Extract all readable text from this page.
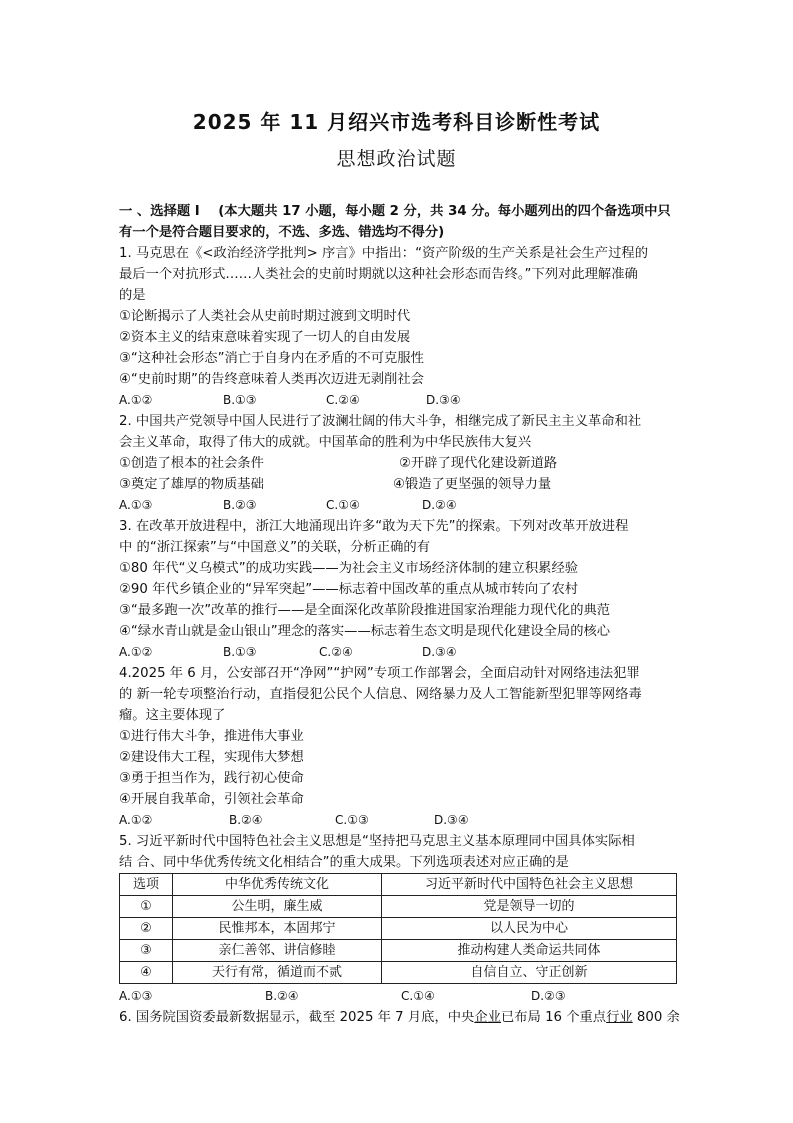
2025 年 11 月绍兴市选考科目诊断性考试
思想政治试题
一 、选择题 I (本大题共 17 小题，每小题 2 分，共 34 分。每小题列出的四个备选项中只
有一个是符合题目要求的，不选、多选、错选均不得分)
1. 马克思在《<政治经济学批判> 序言》中指出：“资产阶级的生产关系是社会生产过程的
最后一个对抗形式……人类社会的史前时期就以这种社会形态而告终。”下列对此理解准确
的是
①论断揭示了人类社会从史前时期过渡到文明时代
②资本主义的结束意味着实现了一切人的自由发展
③“这种社会形态”消亡于自身内在矛盾的不可克服性
④“史前时期”的告终意味着人类再次迈进无剥削社会
A.①②	B.①③	C.②④	D.③④
2. 中国共产党领导中国人民进行了波澜壮阔的伟大斗争，相继完成了新民主主义革命和社
会主义革命，取得了伟大的成就。中国革命的胜利为中华民族伟大复兴
①创造了根本的社会条件	②开辟了现代化建设新道路
③奠定了雄厚的物质基础	④锻造了更坚强的领导力量
A.①③	B.②③	C.①④	D.②④
3. 在改革开放进程中，浙江大地涌现出许多“敢为天下先”的探索。下列对改革开放进程
中 的“浙江探索”与“中国意义”的关联，分析正确的有
①80 年代“义乌模式”的成功实践——为社会主义市场经济体制的建立积累经验
②90 年代乡镇企业的“异军突起”——标志着中国改革的重点从城市转向了农村
③“最多跑一次”改革的推行——是全面深化改革阶段推进国家治理能力现代化的典范
④“绿水青山就是金山银山”理念的落实——标志着生态文明是现代化建设全局的核心
A.①②	B.①③	C.②④	D.③④
4.2025 年 6 月，公安部召开“净网”“护网”专项工作部署会，全面启动针对网络违法犯罪
的 新一轮专项整治行动，直指侵犯公民个人信息、网络暴力及人工智能新型犯罪等网络毒
瘤。这主要体现了
①进行伟大斗争，推进伟大事业
②建设伟大工程，实现伟大梦想
③勇于担当作为，践行初心使命
④开展自我革命，引领社会革命
A.①②	B.②④	C.①③	D.③④
5. 习近平新时代中国特色社会主义思想是“坚持把马克思主义基本原理同中国具体实际相
结 合、同中华优秀传统文化相结合”的重大成果。下列选项表述对应正确的是
选项	中华优秀传统文化	习近平新时代中国特色社会主义思想
①	公生明，廉生威	党是领导一切的
②	民惟邦本，本固邦宁	以人民为中心
③	亲仁善邻、讲信修睦	推动构建人类命运共同体
④	天行有常，循道而不贰	自信自立、守正创新
A.①③	B.②④	C.①④	D.②③
6. 国务院国资委最新数据显示，截至 2025 年 7 月底，中央企业已布局 16 个重点行业 800 余
